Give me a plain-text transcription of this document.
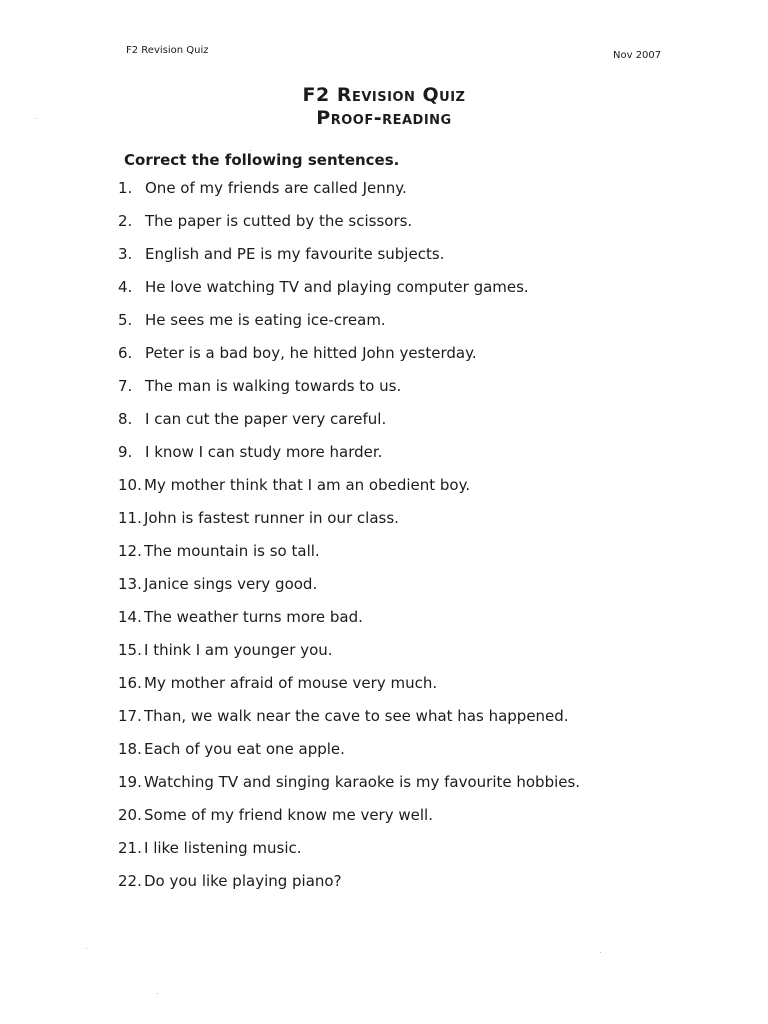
F2 Revision Quiz	Nov 2007
F2 Revision Quiz
Proof-reading
Correct the following sentences.
1. One of my friends are called Jenny.
2. The paper is cutted by the scissors.
3. English and PE is my favourite subjects.
4. He love watching TV and playing computer games.
5. He sees me is eating ice-cream.
6. Peter is a bad boy, he hitted John yesterday.
7. The man is walking towards to us.
8. I can cut the paper very careful.
9. I know I can study more harder.
10. My mother think that I am an obedient boy.
11. John is fastest runner in our class.
12. The mountain is so tall.
13. Janice sings very good.
14. The weather turns more bad.
15. I think I am younger you.
16. My mother afraid of mouse very much.
17. Than, we walk near the cave to see what has happened.
18. Each of you eat one apple.
19. Watching TV and singing karaoke is my favourite hobbies.
20. Some of my friend know me very well.
21. I like listening music.
22. Do you like playing piano?
